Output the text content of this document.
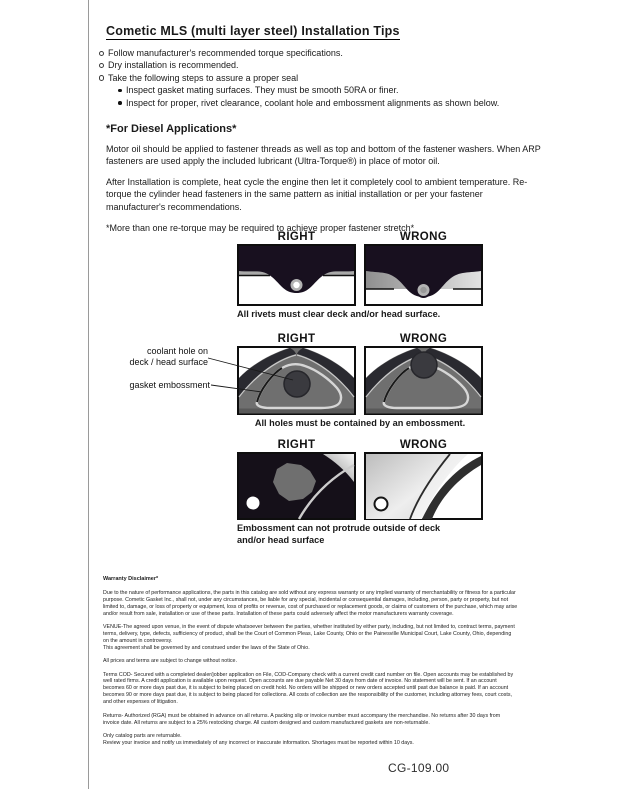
Cometic MLS (multi layer steel) Installation Tips
Follow manufacturer's recommended torque specifications.
Dry installation is recommended.
Take the following steps to assure a proper seal
Inspect gasket mating surfaces. They must be smooth 50RA or finer.
Inspect for proper, rivet clearance, coolant hole and embossment alignments as shown below.
*For Diesel Applications*
Motor oil should be applied to fastener threads as well as top and bottom of the fastener washers. When ARP fasteners are used apply the included lubricant (Ultra-Torque®) in place of motor oil.
After Installation is complete, heat cycle the engine then let it completely cool to ambient temperature. Re-torque the cylinder head fasteners in the same pattern as initial installation or per your fastener manufacturer's recommendations.
*More than one re-torque may be required to achieve proper fastener stretch*
RIGHT	WRONG
All rivets must clear deck and/or head surface.
coolant hole on
deck / head surface
gasket embossment
RIGHT	WRONG
All holes must be contained by an embossment.
RIGHT	WRONG
Embossment can not protrude outside of deck
and/or head surface
Warranty Disclaimer*
Due to the nature of performance applications, the parts in this catalog are sold without any express warranty or any implied warranty of merchantability or fitness for a particular purpose. Cometic Gasket Inc., shall not, under any circumstances, be liable for any special, incidental or consequential damages, including, person, party or property, but not limited to, damage, or loss of property or equipment, loss of profits or revenue, cost of purchased or replacement goods, or claims of customers of the purchase, which may arise and/or result from sale, installation or use of these parts. Installation of these parts could adversely affect the motor manufacturers warranty coverage.
VENUE-The agreed upon venue, in the event of dispute whatsoever between the parties, whether instituted by either party, including, but not limited to, contract terms, payment terms, delivery, type, defects, sufficiency of product, shall be the Court of Common Pleas, Lake County, Ohio or the Painesville Municipal Court, Lake County, Ohio, depending on the amount in controversy.
This agreement shall be governed by and construed under the laws of the State of Ohio.
All prices and terms are subject to change without notice.
Terms COD- Secured with a completed dealer/jobber application on File, COD-Company check with a current credit card number on file. Open accounts may be established by well rated firms. A credit application is available upon request. Open accounts are due payable Net 30 days from date of invoice. No statement will be sent. If an account becomes 60 or more days past due, it is subject to being placed on credit hold. No orders will be shipped or new orders accepted until past due balance is paid. If an account becomes 90 or more days past due, it is subject to being placed for collections. All costs of collection are the responsibility of the customer, including attorney fees, court costs, and other expenses of litigation.
Returns- Authorized (RGA) must be obtained in advance on all returns. A packing slip or invoice number must accompany the merchandise. No returns after 30 days from invoice date. All returns are subject to a 25% restocking charge. All custom designed and custom manufactured gaskets are non-returnable.
Only catalog parts are returnable.
Review your invoice and notify us immediately of any incorrect or inaccurate information. Shortages must be reported within 10 days.
CG-109.00
